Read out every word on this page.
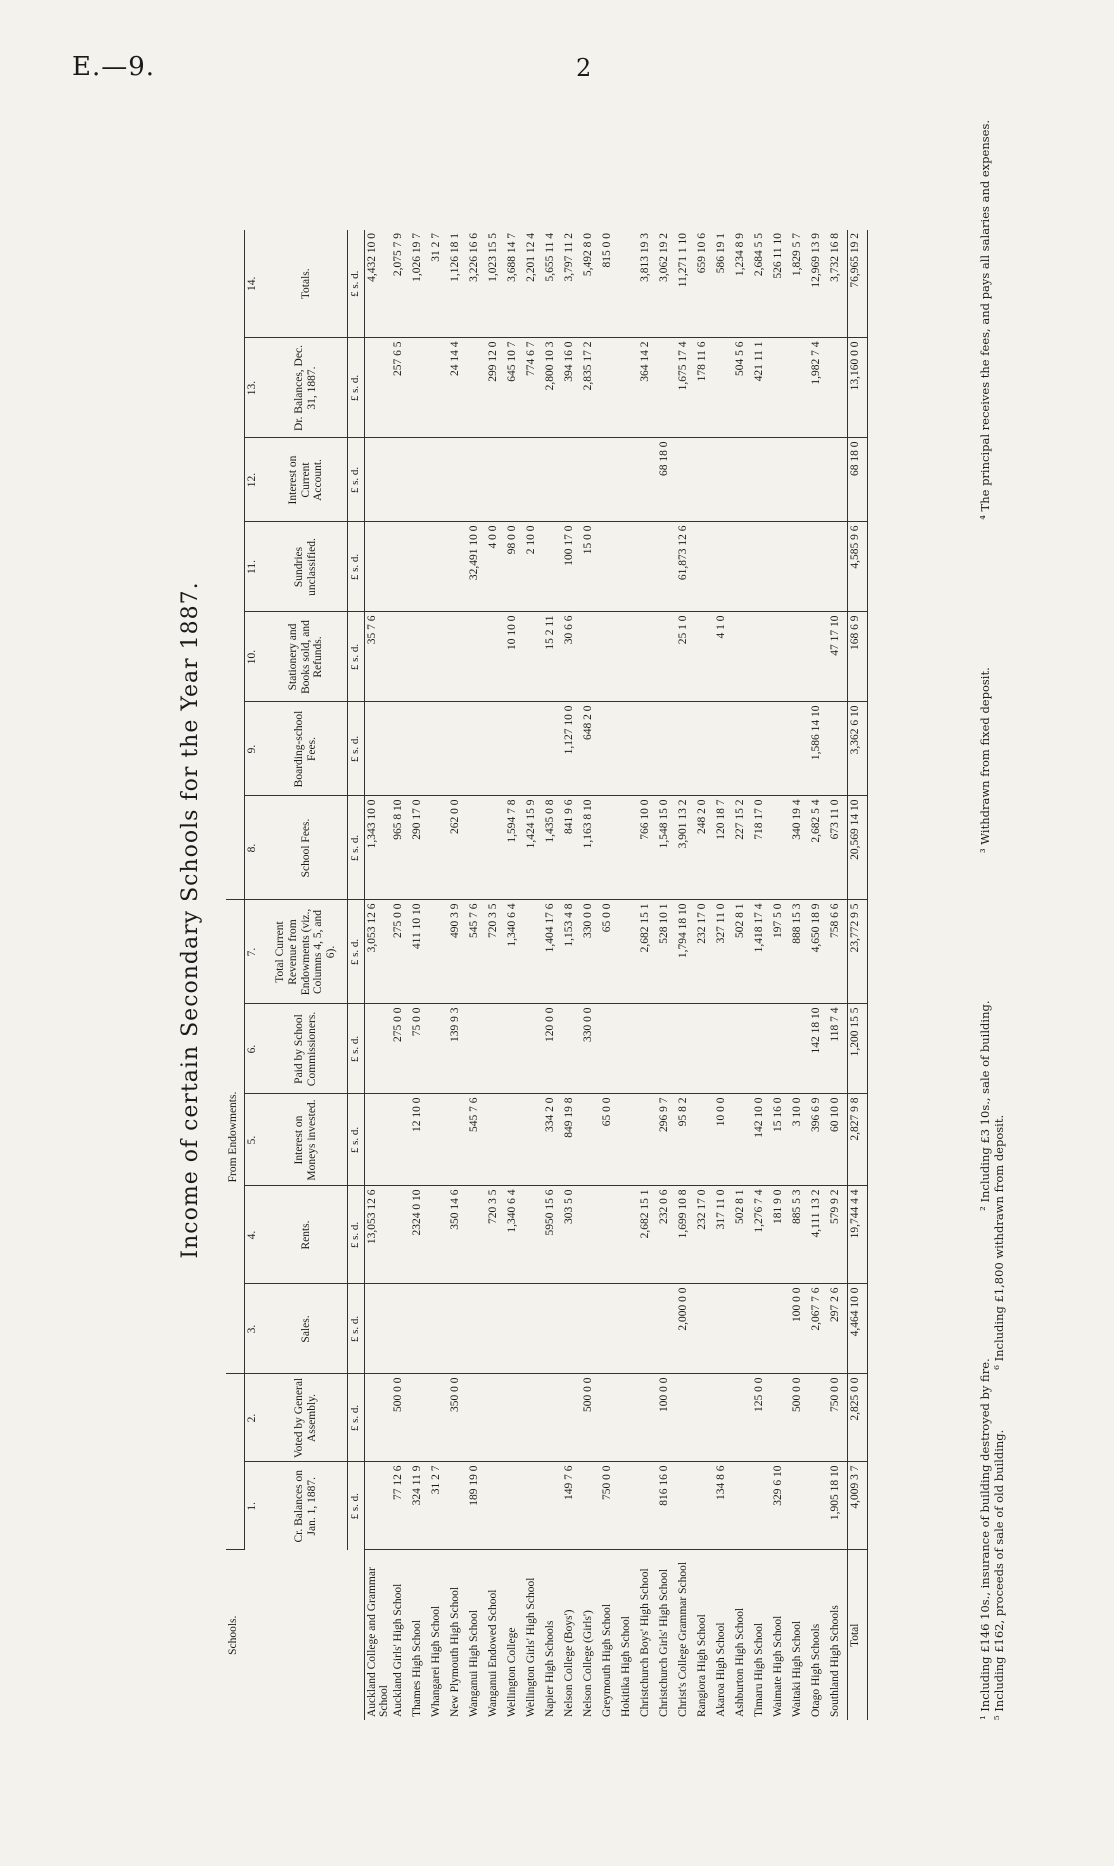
E.—9.	2
Income of certain Secondary Schools for the Year 1887.
Schools.			From Endowments.											
	1.	2.	3.	4.	5.	6.	7.	8.	9.	10.	11.	12.	13.	14.
	Cr. Balances on Jan. 1, 1887.	Voted by General Assembly.	Sales.	Rents.	Interest on Moneys invested.	Paid by School Commissioners.	Total Current Revenue from Endowments (viz., Columns 4, 5, and 6).	School Fees.	Boarding-school Fees.	Stationery and Books sold, and Refunds.	Sundries unclassified.	Interest on Current Account.	Dr. Balances, Dec. 31, 1887.	Totals.
	£ s. d.	£ s. d.	£ s. d.	£ s. d.	£ s. d.	£ s. d.	£ s. d.	£ s. d.	£ s. d.	£ s. d.	£ s. d.	£ s. d.	£ s. d.	£ s. d.
Auckland College and Grammar School				13,053 12 6			3,053 12 6	1,343 10 0		35 7 6				4,432 10 0
Auckland Girls' High School	77 12 6	500 0 0				275 0 0	275 0 0	965 8 10					257 6 5	2,075 7 9
Thames High School	324 11 9			2324 0 10	12 10 0	75 0 0	411 10 10	290 17 0						1,026 19 7
Whangarei High School	31 2 7													31 2 7
New Plymouth High School		350 0 0		350 14 6		139 9 3	490 3 9	262 0 0					24 14 4	1,126 18 1
Wanganui High School	189 19 0				545 7 6		545 7 6				32,491 10 0			3,226 16 6
Wanganui Endowed School				720 3 5			720 3 5				4 0 0		299 12 0	1,023 15 5
Wellington College				1,340 6 4			1,340 6 4	1,594 7 8		10 10 0	98 0 0		645 10 7	3,688 14 7
Wellington Girls' High School								1,424 15 9			2 10 0		774 6 7	2,201 12 4
Napier High Schools				5950 15 6	334 2 0	120 0 0	1,404 17 6	1,435 0 8		15 2 11			2,800 10 3	5,655 11 4
Nelson College (Boys')	149 7 6			303 5 0	849 19 8		1,153 4 8	841 9 6	1,127 10 0	30 6 6	100 17 0		394 16 0	3,797 11 2
Nelson College (Girls')		500 0 0				330 0 0	330 0 0	1,163 8 10	648 2 0		15 0 0		2,835 17 2	5,492 8 0
Greymouth High School	750 0 0				65 0 0		65 0 0							815 0 0
Hokitika High School														
Christchurch Boys' High School				2,682 15 1			2,682 15 1	766 10 0					364 14 2	3,813 19 3
Christchurch Girls' High School	816 16 0	100 0 0		232 0 6	296 9 7		528 10 1	1,548 15 0				68 18 0		3,062 19 2
Christ's College Grammar School			2,000 0 0	1,699 10 8	95 8 2		1,794 18 10	3,901 13 2		25 1 0	61,873 12 6		1,675 17 4	11,271 1 10
Rangiora High School				232 17 0			232 17 0	248 2 0					178 11 6	659 10 6
Akaroa High School	134 8 6			317 11 0	10 0 0		327 11 0	120 18 7		4 1 0				586 19 1
Ashburton High School				502 8 1			502 8 1	227 15 2					504 5 6	1,234 8 9
Timaru High School		125 0 0		1,276 7 4	142 10 0		1,418 17 4	718 17 0					421 11 1	2,684 5 5
Waimate High School	329 6 10			181 9 0	15 16 0		197 5 0							526 11 10
Waitaki High School		500 0 0	100 0 0	885 5 3	3 10 0		888 15 3	340 19 4						1,829 5 7
Otago High Schools			2,067 7 6	4,111 13 2	396 6 9	142 18 10	4,650 18 9	2,682 5 4	1,586 14 10				1,982 7 4	12,969 13 9
Southland High Schools	1,905 18 10	750 0 0	297 2 6	579 9 2	60 10 0	118 7 4	758 6 6	673 11 0		47 17 10				3,732 16 8
Total	4,009 3 7	2,825 0 0	4,464 10 0	19,744 4 4	2,827 9 8	1,200 15 5	23,772 9 5	20,569 14 10	3,362 6 10	168 6 9	4,585 9 6	68 18 0	13,160 0 0	76,965 19 2
¹ Including £146 10s., insurance of building destroyed by fire.
² Including £3 10s., sale of building.
³ Withdrawn from fixed deposit.
⁴ The principal receives the fees, and pays all salaries and expenses.
⁵ Including £162, proceeds of sale of old building.
⁶ Including £1,800 withdrawn from deposit.
